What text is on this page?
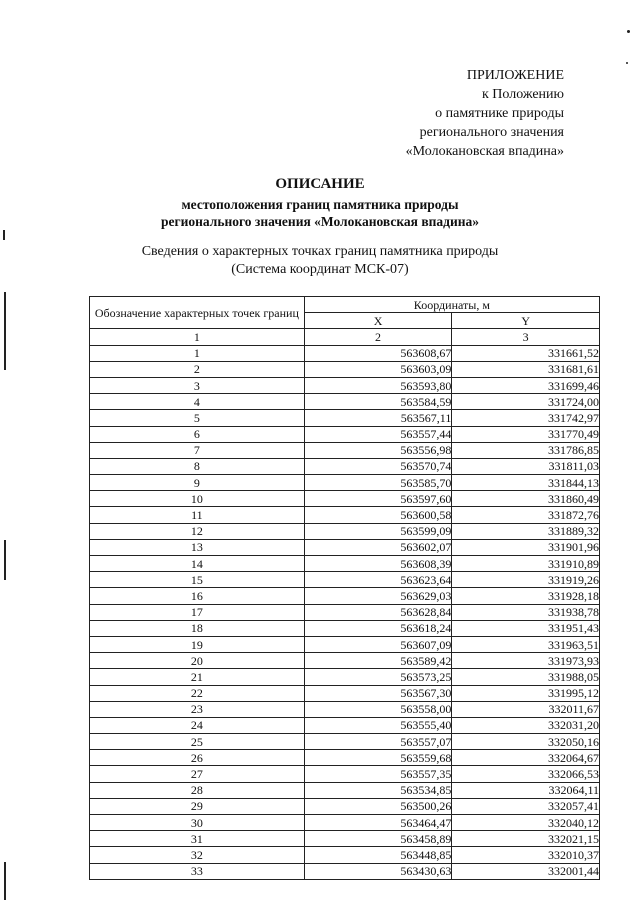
ПРИЛОЖЕНИЕ
к Положению
о памятнике природы
регионального значения
«Молокановская впадина»
ОПИСАНИЕ
местоположения границ памятника природы
регионального значения «Молокановская впадина»
Сведения о характерных точках границ памятника природы
(Система координат МСК-07)
Обозначение характерных точек границ	Координаты, м	
	X	Y
1	2	3
1	563608,67	331661,52
2	563603,09	331681,61
3	563593,80	331699,46
4	563584,59	331724,00
5	563567,11	331742,97
6	563557,44	331770,49
7	563556,98	331786,85
8	563570,74	331811,03
9	563585,70	331844,13
10	563597,60	331860,49
11	563600,58	331872,76
12	563599,09	331889,32
13	563602,07	331901,96
14	563608,39	331910,89
15	563623,64	331919,26
16	563629,03	331928,18
17	563628,84	331938,78
18	563618,24	331951,43
19	563607,09	331963,51
20	563589,42	331973,93
21	563573,25	331988,05
22	563567,30	331995,12
23	563558,00	332011,67
24	563555,40	332031,20
25	563557,07	332050,16
26	563559,68	332064,67
27	563557,35	332066,53
28	563534,85	332064,11
29	563500,26	332057,41
30	563464,47	332040,12
31	563458,89	332021,15
32	563448,85	332010,37
33	563430,63	332001,44
